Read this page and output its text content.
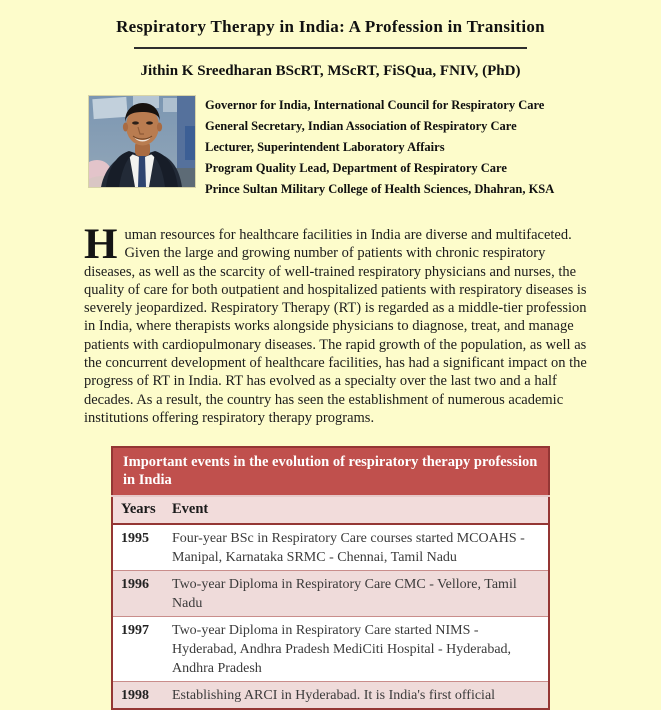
Respiratory Therapy in India: A Profession in Transition
Jithin K Sreedharan BScRT, MScRT, FiSQua, FNIV, (PhD)
Governor for India, International Council for Respiratory Care
General Secretary, Indian Association of Respiratory Care
Lecturer, Superintendent Laboratory Affairs
Program Quality Lead, Department of Respiratory Care
Prince Sultan Military College of Health Sciences, Dhahran, KSA

Human resources for healthcare facilities in India are diverse and multifaceted. Given the large and growing number of patients with chronic respiratory diseases, as well as the scarcity of well-trained respiratory physicians and nurses, the quality of care for both outpatient and hospitalized patients with respiratory diseases is severely jeopardized. Respiratory Therapy (RT) is regarded as a middle-tier profession in India, where therapists works alongside physicians to diagnose, treat, and manage patients with cardiopulmonary diseases. The rapid growth of the population, as well as the concurrent development of healthcare facilities, has had a significant impact on the progress of RT in India. RT has evolved as a specialty over the last two and a half decades. As a result, the country has seen the establishment of numerous academic institutions offering respiratory therapy programs.

Important events in the evolution of respiratory therapy profession in India	
Years	Event
1995	Four-year BSc in Respiratory Care courses started MCOAHS - Manipal, Karnataka SRMC - Chennai, Tamil Nadu
1996	Two-year Diploma in Respiratory Care CMC - Vellore, Tamil Nadu
1997	Two-year Diploma in Respiratory Care started NIMS - Hyderabad, Andhra Pradesh MediCiti Hospital - Hyderabad, Andhra Pradesh
1998	Establishing ARCI in Hyderabad. It is India's first official
